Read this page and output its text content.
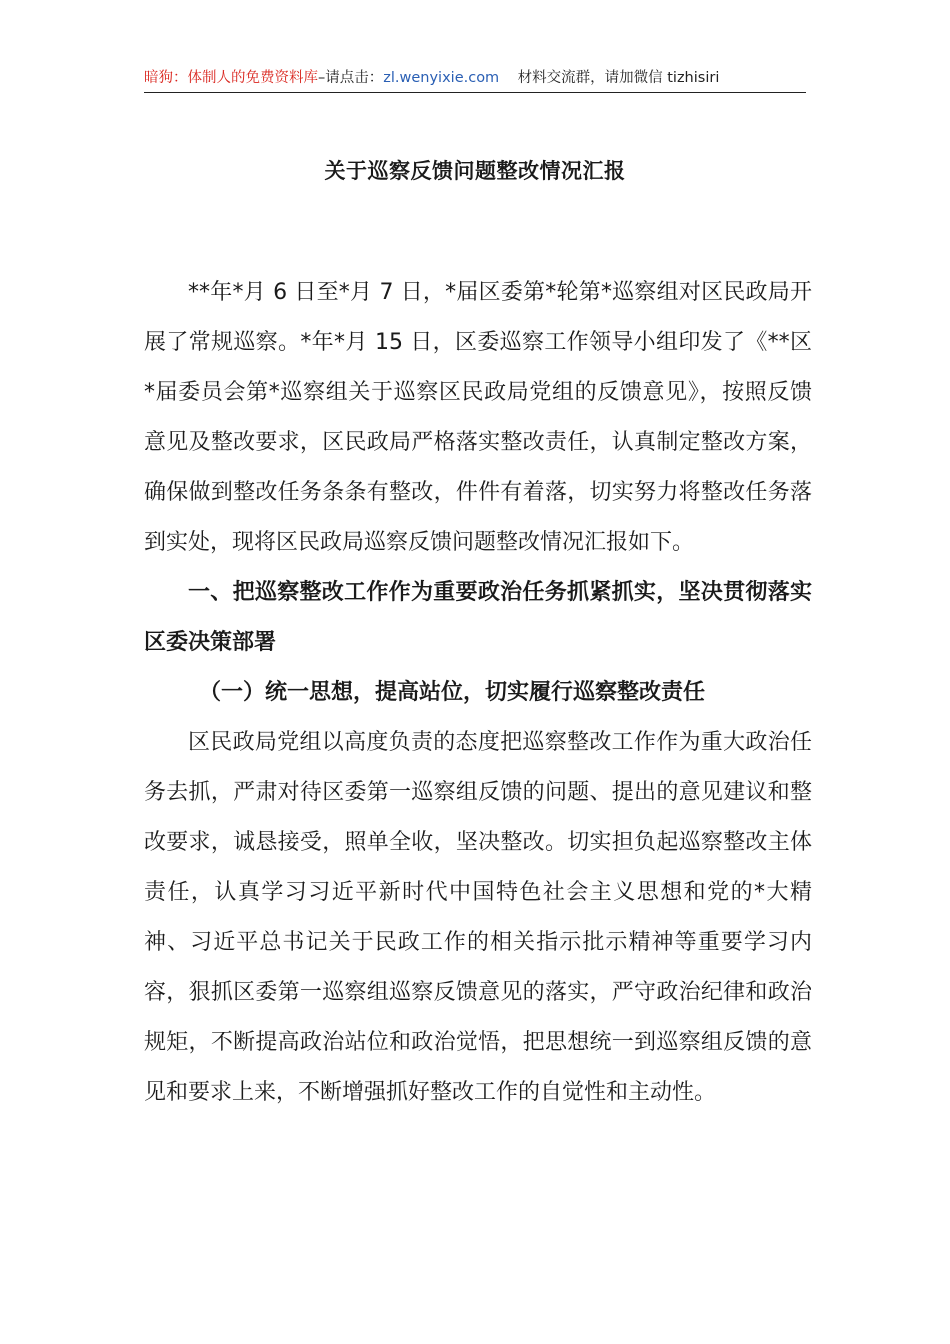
暗狗：体制人的免费资料库–请点击：zl.wenyixie.com 材料交流群，请加微信 tizhisiri
关于巡察反馈问题整改情况汇报

**年*月 6 日至*月 7 日，*届区委第*轮第*巡察组对区民政局开展了常规巡察。*年*月 15 日，区委巡察工作领导小组印发了《**区*届委员会第*巡察组关于巡察区民政局党组的反馈意见》，按照反馈意见及整改要求，区民政局严格落实整改责任，认真制定整改方案，确保做到整改任务条条有整改，件件有着落，切实努力将整改任务落到实处，现将区民政局巡察反馈问题整改情况汇报如下。

一、把巡察整改工作作为重要政治任务抓紧抓实，坚决贯彻落实区委决策部署

（一）统一思想，提高站位，切实履行巡察整改责任

区民政局党组以高度负责的态度把巡察整改工作作为重大政治任务去抓，严肃对待区委第一巡察组反馈的问题、提出的意见建议和整改要求，诚恳接受，照单全收，坚决整改。切实担负起巡察整改主体责任，认真学习习近平新时代中国特色社会主义思想和党的*大精神、习近平总书记关于民政工作的相关指示批示精神等重要学习内容，狠抓区委第一巡察组巡察反馈意见的落实，严守政治纪律和政治规矩，不断提高政治站位和政治觉悟，把思想统一到巡察组反馈的意见和要求上来，不断增强抓好整改工作的自觉性和主动性。
